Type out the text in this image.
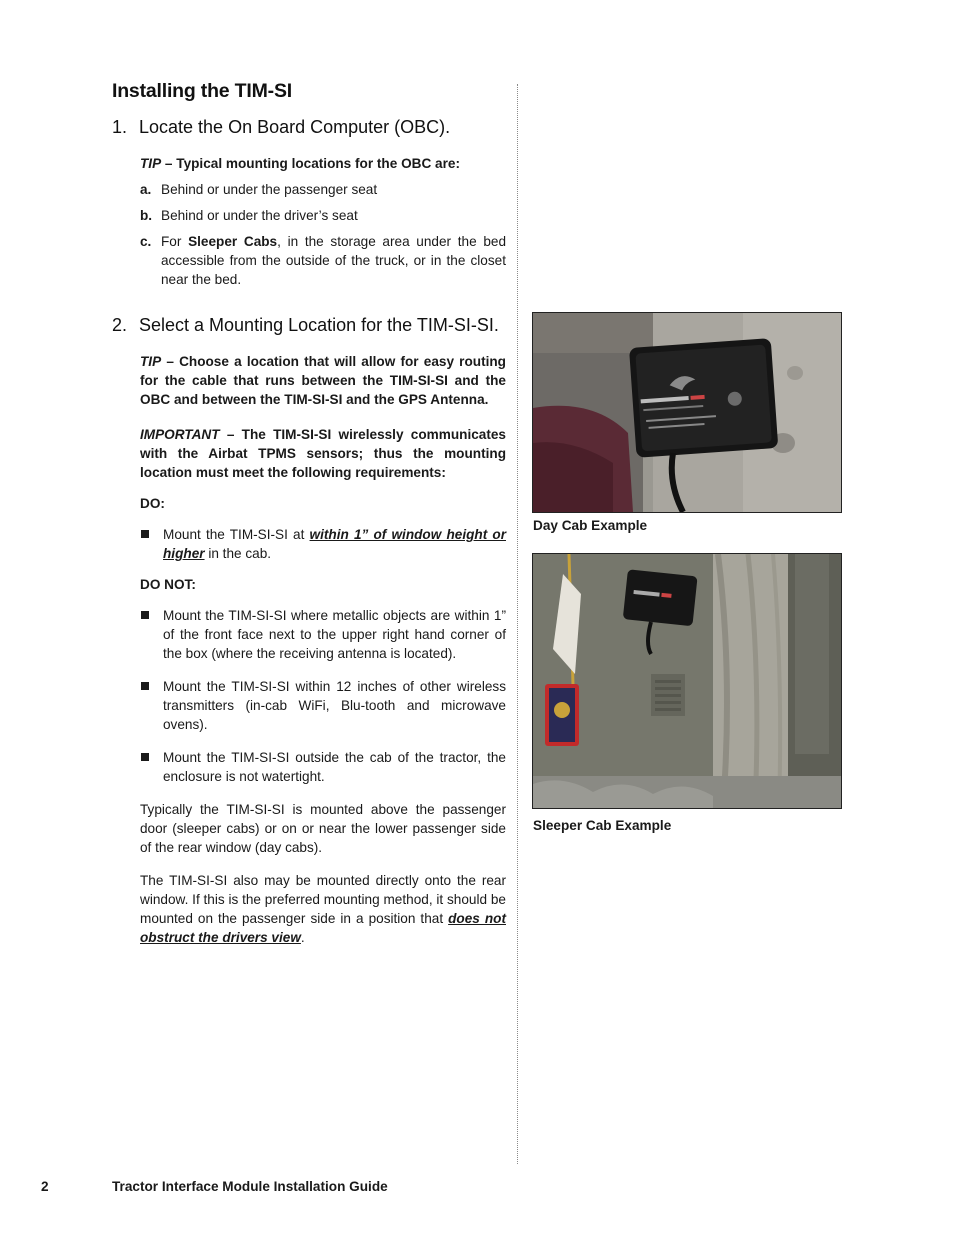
Installing the TIM-SI
1. Locate the On Board Computer (OBC).

TIP – Typical mounting locations for the OBC are:

a. Behind or under the passenger seat
b. Behind or under the driver’s seat
c. For Sleeper Cabs, in the storage area under the bed accessible from the outside of the truck, or in the closet near the bed.
2. Select a Mounting Location for the TIM-SI-SI.

TIP – Choose a location that will allow for easy routing for the cable that runs between the TIM-SI-SI and the OBC and between the TIM-SI-SI and the GPS Antenna.

IMPORTANT – The TIM-SI-SI wirelessly communicates with the Airbat TPMS sensors; thus the mounting location must meet the following requirements:

DO:

Mount the TIM-SI-SI at within 1” of window height or higher in the cab.

DO NOT:

Mount the TIM-SI-SI where metallic objects are within 1” of the front face next to the upper right hand corner of the box (where the receiving antenna is located).
Mount the TIM-SI-SI within 12 inches of other wireless transmitters (in-cab WiFi, Blu-tooth and microwave ovens).
Mount the TIM-SI-SI outside the cab of the tractor, the enclosure is not watertight.

Typically the TIM-SI-SI is mounted above the passenger door (sleeper cabs) or on or near the lower passenger side of the rear window (day cabs).

The TIM-SI-SI also may be mounted directly onto the rear window. If this is the preferred mounting method, it should be mounted on the passenger side in a position that does not obstruct the drivers view.

Day Cab Example
Sleeper Cab Example
2	Tractor Interface Module Installation Guide
